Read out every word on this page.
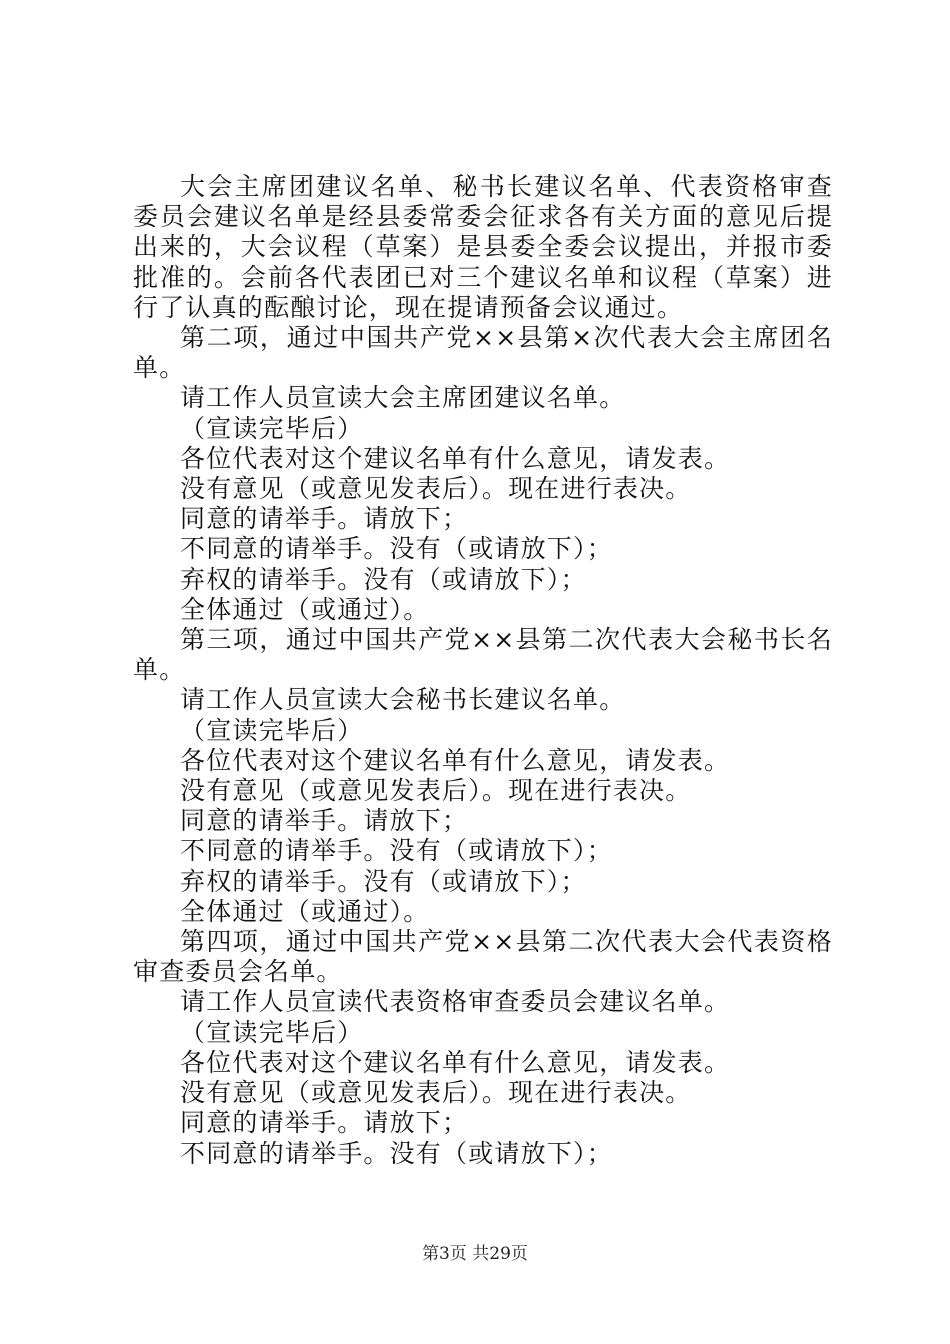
大会主席团建议名单、秘书长建议名单、代表资格审查委员会建议名单是经县委常委会征求各有关方面的意见后提出来的，大会议程（草案）是县委全委会议提出，并报市委批准的。会前各代表团已对三个建议名单和议程（草案）进行了认真的酝酿讨论，现在提请预备会议通过。

第二项，通过中国共产党××县第×次代表大会主席团名单。

请工作人员宣读大会主席团建议名单。

（宣读完毕后）

各位代表对这个建议名单有什么意见，请发表。

没有意见（或意见发表后）。现在进行表决。

同意的请举手。请放下；

不同意的请举手。没有（或请放下）；

弃权的请举手。没有（或请放下）；

全体通过（或通过）。

第三项，通过中国共产党××县第二次代表大会秘书长名单。

请工作人员宣读大会秘书长建议名单。

（宣读完毕后）

各位代表对这个建议名单有什么意见，请发表。

没有意见（或意见发表后）。现在进行表决。

同意的请举手。请放下；

不同意的请举手。没有（或请放下）；

弃权的请举手。没有（或请放下）；

全体通过（或通过）。

第四项，通过中国共产党××县第二次代表大会代表资格审查委员会名单。

请工作人员宣读代表资格审查委员会建议名单。

（宣读完毕后）

各位代表对这个建议名单有什么意见，请发表。

没有意见（或意见发表后）。现在进行表决。

同意的请举手。请放下；

不同意的请举手。没有（或请放下）；

第3页 共29页
